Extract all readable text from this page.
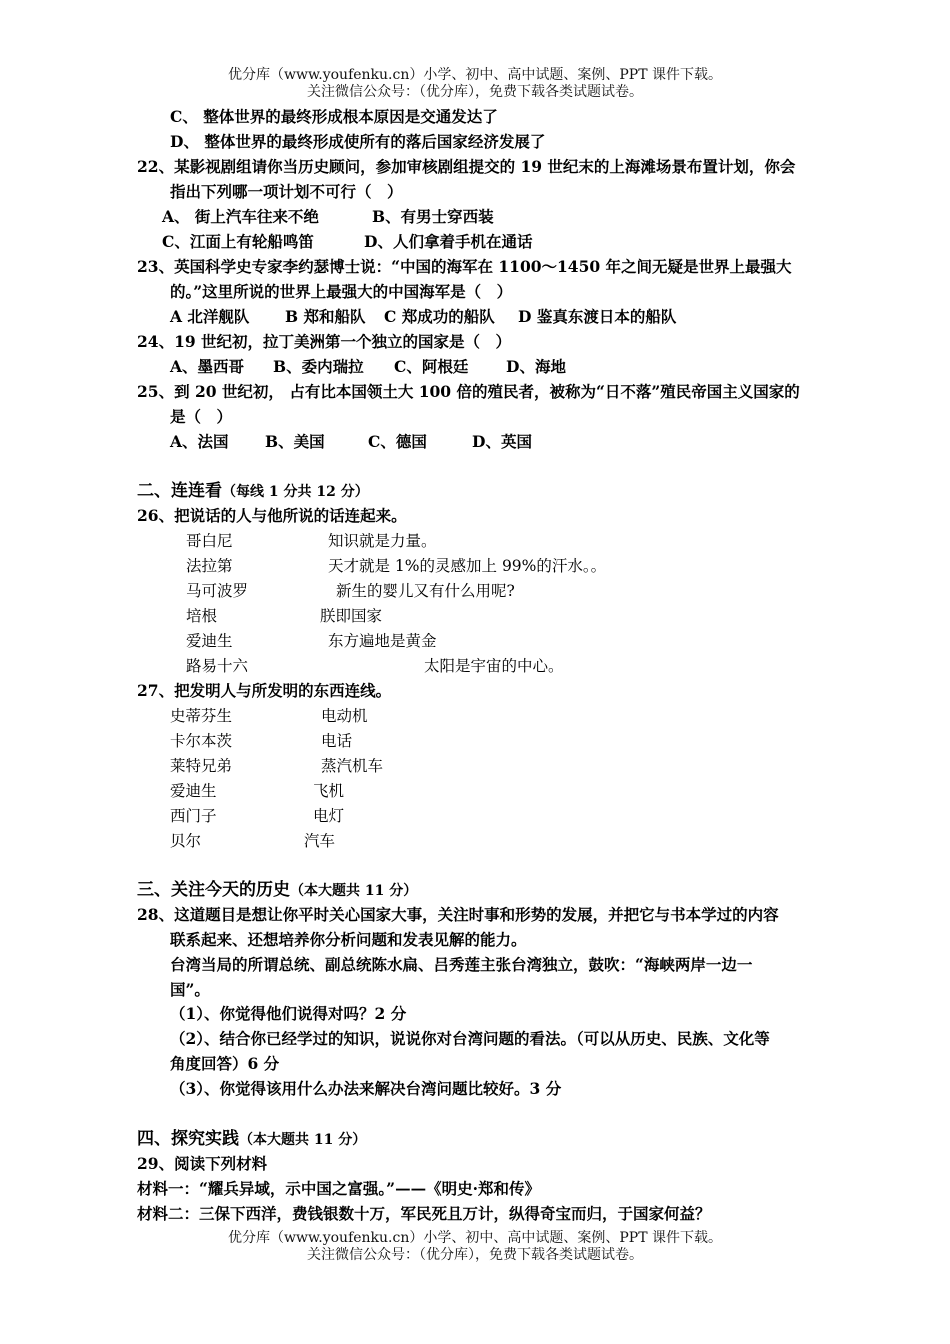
优分库（www.youfenku.cn）小学、初中、高中试题、案例、PPT 课件下载。
关注微信公众号：（优分库），免费下载各类试题试卷。
C、 整体世界的最终形成根本原因是交通发达了
D、 整体世界的最终形成使所有的落后国家经济发展了
22、某影视剧组请你当历史顾问，参加审核剧组提交的 19 世纪末的上海滩场景布置计划，你会
指出下列哪一项计划不可行（　）
A、 街上汽车往来不绝	B、有男士穿西装
C、江面上有轮船鸣笛	D、人们拿着手机在通话
23、英国科学史专家李约瑟博士说：“中国的海军在 1100～1450 年之间无疑是世界上最强大
的。”这里所说的世界上最强大的中国海军是（　）
A 北洋舰队 B 郑和船队 C 郑成功的船队 D 鉴真东渡日本的船队
24、19 世纪初，拉丁美洲第一个独立的国家是（　）
A、墨西哥 B、委内瑞拉 C、阿根廷 D、海地
25、到 20 世纪初， 占有比本国领土大 100 倍的殖民者，被称为“日不落”殖民帝国主义国家的
是（　）
A、法国 B、美国	C、德国	D、英国
二、连连看（每线 1 分共 12 分）
26、把说话的人与他所说的话连起来。
哥白尼	知识就是力量。
法拉第	天才就是 1%的灵感加上 99%的汗水。。
马可波罗	新生的婴儿又有什么用呢?
培根	朕即国家
爱迪生	东方遍地是黄金
路易十六	太阳是宇宙的中心。
27、把发明人与所发明的东西连线。
史蒂芬生	电动机
卡尔本茨	电话
莱特兄弟	蒸汽机车
爱迪生	飞机
西门子	电灯
贝尔	汽车
三、关注今天的历史（本大题共 11 分）
28、这道题目是想让你平时关心国家大事，关注时事和形势的发展，并把它与书本学过的内容
联系起来、还想培养你分析问题和发表见解的能力。
台湾当局的所谓总统、副总统陈水扁、吕秀莲主张台湾独立，鼓吹：“海峡两岸一边一
国”。
（1）、你觉得他们说得对吗？2 分
（2）、结合你已经学过的知识，说说你对台湾问题的看法。（可以从历史、民族、文化等
角度回答）6 分
（3）、你觉得该用什么办法来解决台湾问题比较好。3 分
四、探究实践（本大题共 11 分）
29、阅读下列材料
材料一：“耀兵异域，示中国之富强。”——《明史·郑和传》
材料二：三保下西洋，费钱银数十万，军民死且万计，纵得奇宝而归，于国家何益？
优分库（www.youfenku.cn）小学、初中、高中试题、案例、PPT 课件下载。
关注微信公众号：（优分库），免费下载各类试题试卷。
